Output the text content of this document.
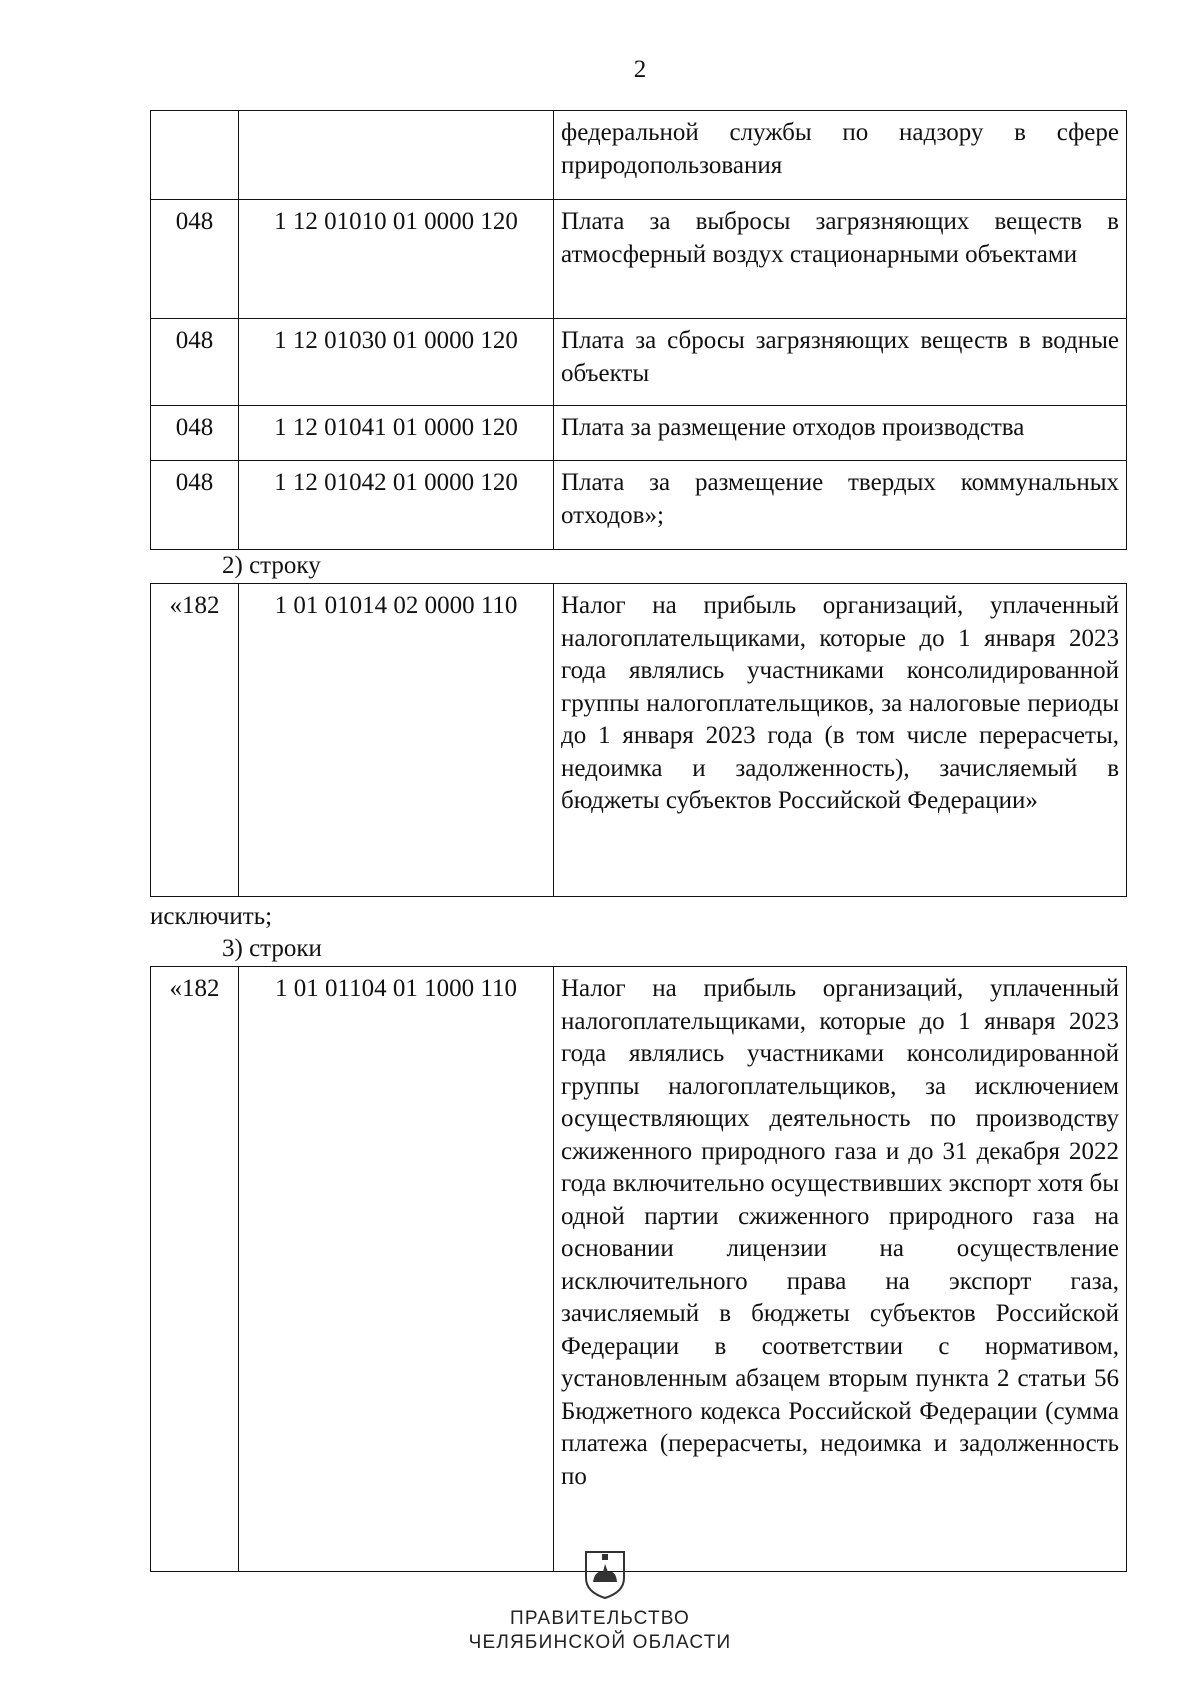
2
		федеральной службы по надзору в сфере природопользования
048	1 12 01010 01 0000 120	Плата за выбросы загрязняющих веществ в атмосферный воздух стационарными объектами
048	1 12 01030 01 0000 120	Плата за сбросы загрязняющих веществ в водные объекты
048	1 12 01041 01 0000 120	Плата за размещение отходов производства
048	1 12 01042 01 0000 120	Плата за размещение твердых коммунальных отходов»;
2) строку
«182	1 01 01014 02 0000 110	Налог на прибыль организаций, уплаченный налогоплательщиками, которые до 1 января 2023 года являлись участниками консолидированной группы налогоплательщиков, за налоговые периоды до 1 января 2023 года (в том числе перерасчеты, недоимка и задолженность), зачисляемый в бюджеты субъектов Российской Федерации»
исключить;
3) строки
«182	1 01 01104 01 1000 110	Налог на прибыль организаций, уплаченный налогоплательщиками, которые до 1 января 2023 года являлись участниками консолидированной группы налогоплательщиков, за исключением осуществляющих деятельность по производству сжиженного природного газа и до 31 декабря 2022 года включительно осуществивших экспорт хотя бы одной партии сжиженного природного газа на основании лицензии на осуществление исключительного права на экспорт газа, зачисляемый в бюджеты субъектов Российской Федерации в соответствии с нормативом, установленным абзацем вторым пункта 2 статьи 56 Бюджетного кодекса Российской Федерации (сумма платежа (перерасчеты, недоимка и задолженность по
ПРАВИТЕЛЬСТВО
ЧЕЛЯБИНСКОЙ ОБЛАСТИ
